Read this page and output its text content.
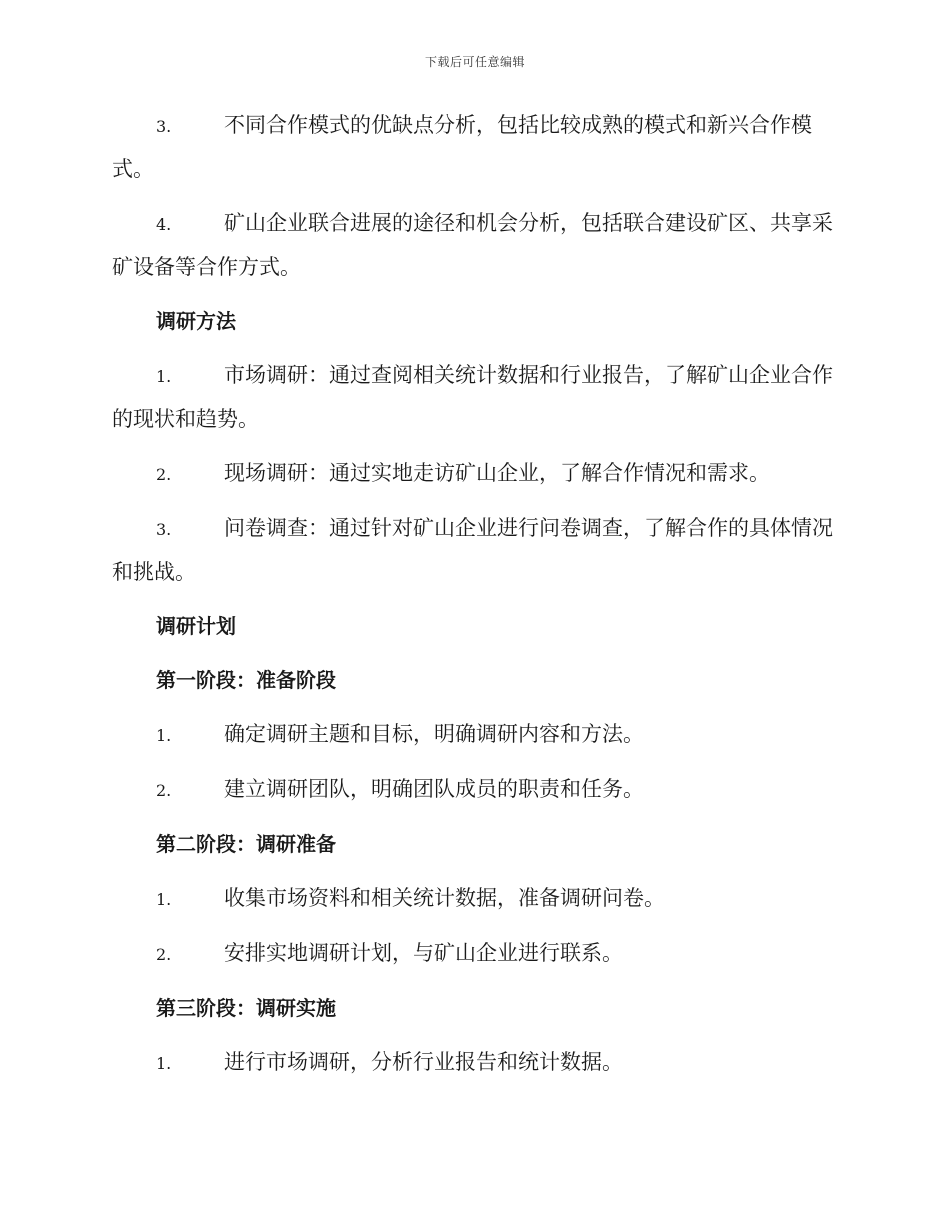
下载后可任意编辑
3.	不同合作模式的优缺点分析，包括比较成熟的模式和新兴合作模式。
4.	矿山企业联合进展的途径和机会分析，包括联合建设矿区、共享采矿设备等合作方式。
调研方法
1.	市场调研：通过查阅相关统计数据和行业报告，了解矿山企业合作的现状和趋势。
2.	现场调研：通过实地走访矿山企业，了解合作情况和需求。
3.	问卷调查：通过针对矿山企业进行问卷调查，了解合作的具体情况和挑战。
调研计划
第一阶段：准备阶段
1.	确定调研主题和目标，明确调研内容和方法。
2.	建立调研团队，明确团队成员的职责和任务。
第二阶段：调研准备
1.	收集市场资料和相关统计数据，准备调研问卷。
2.	安排实地调研计划，与矿山企业进行联系。
第三阶段：调研实施
1.	进行市场调研，分析行业报告和统计数据。
